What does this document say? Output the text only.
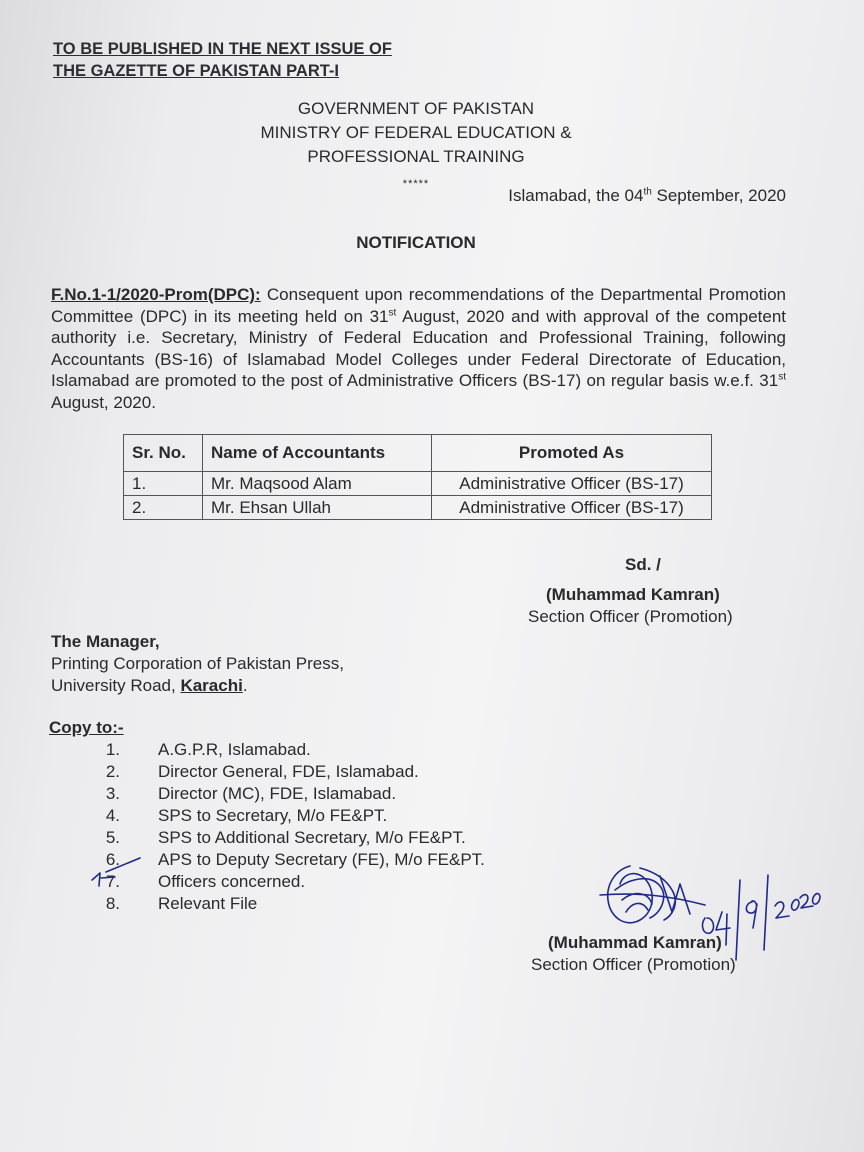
TO BE PUBLISHED IN THE NEXT ISSUE OF
THE GAZETTE OF PAKISTAN PART-I
GOVERNMENT OF PAKISTAN
MINISTRY OF FEDERAL EDUCATION &
PROFESSIONAL TRAINING
*****
Islamabad, the 04th September, 2020
NOTIFICATION
F.No.1-1/2020-Prom(DPC): Consequent upon recommendations of the Departmental Promotion Committee (DPC) in its meeting held on 31st August, 2020 and with approval of the competent authority i.e. Secretary, Ministry of Federal Education and Professional Training, following Accountants (BS-16) of Islamabad Model Colleges under Federal Directorate of Education, Islamabad are promoted to the post of Administrative Officers (BS-17) on regular basis w.e.f. 31st August, 2020.
Sr. No.	Name of Accountants	Promoted As
1.	Mr. Maqsood Alam	Administrative Officer (BS-17)
2.	Mr. Ehsan Ullah	Administrative Officer (BS-17)
Sd. /
(Muhammad Kamran)
Section Officer (Promotion)
The Manager,
Printing Corporation of Pakistan Press,
University Road, Karachi.
Copy to:-
1. A.G.P.R, Islamabad.
2. Director General, FDE, Islamabad.
3. Director (MC), FDE, Islamabad.
4. SPS to Secretary, M/o FE&PT.
5. SPS to Additional Secretary, M/o FE&PT.
6. APS to Deputy Secretary (FE), M/o FE&PT.
7. Officers concerned.
8. Relevant File
(Muhammad Kamran)
Section Officer (Promotion)
